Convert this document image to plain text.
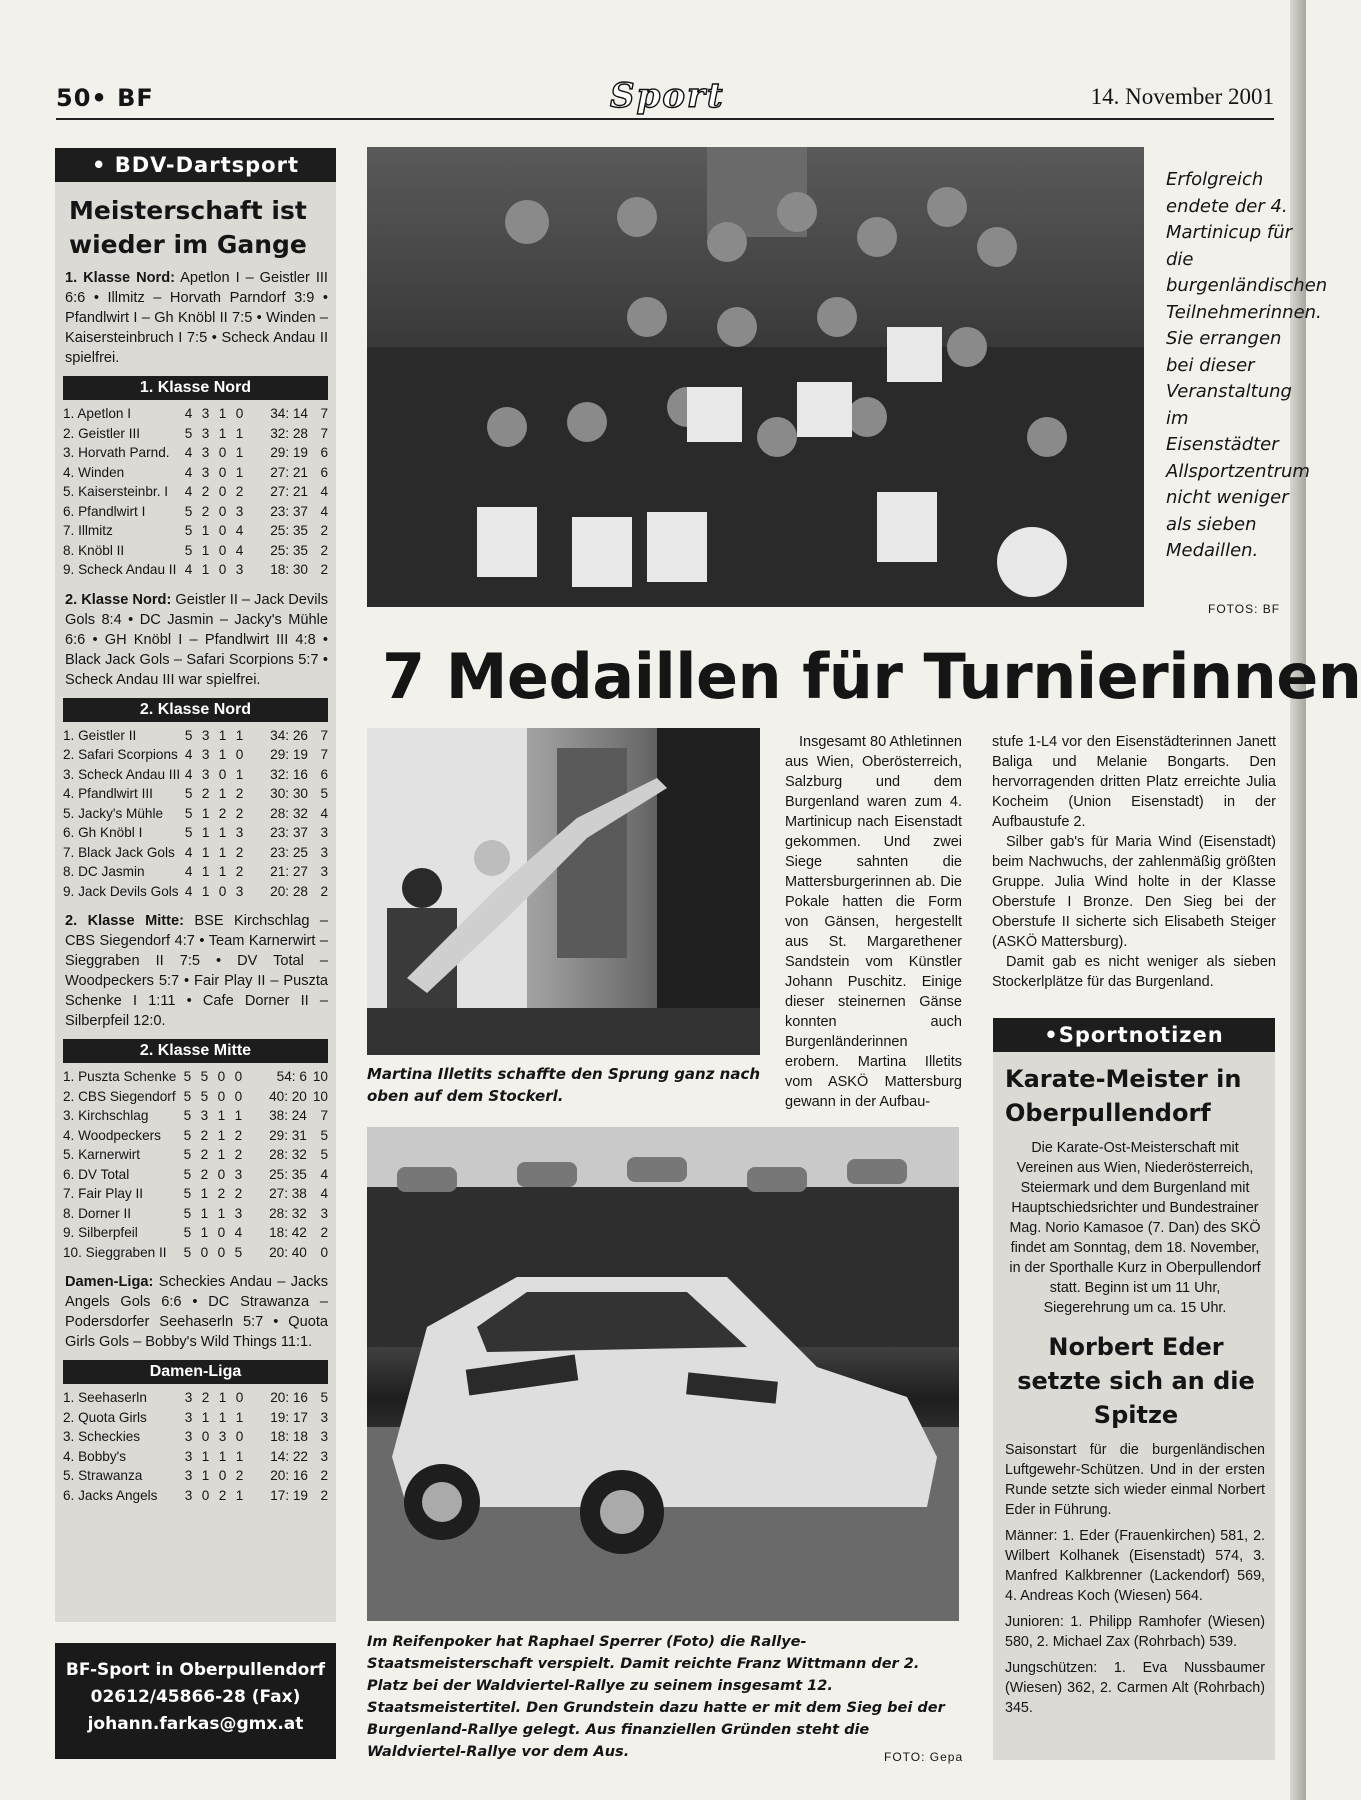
50• BF	Sport	14. November 2001
• BDV-Dartsport
Meisterschaft ist wieder im Gange

1. Klasse Nord: Apetlon I – Geistler III 6:6 • Illmitz – Horvath Parndorf 3:9 • Pfandlwirt I – Gh Knöbl II 7:5 • Winden – Kaisersteinbruch I 7:5 • Scheck Andau II spielfrei.

1. Klasse Nord
1. Apetlon I	4	3	1	0	34: 14	7
2. Geistler III	5	3	1	1	32: 28	7
3. Horvath Parnd.	4	3	0	1	29: 19	6
4. Winden	4	3	0	1	27: 21	6
5. Kaisersteinbr. I	4	2	0	2	27: 21	4
6. Pfandlwirt I	5	2	0	3	23: 37	4
7. Illmitz	5	1	0	4	25: 35	2
8. Knöbl II	5	1	0	4	25: 35	2
9. Scheck Andau II	4	1	0	3	18: 30	2

2. Klasse Nord: Geistler II – Jack Devils Gols 8:4 • DC Jasmin – Jacky's Mühle 6:6 • GH Knöbl I – Pfandlwirt III 4:8 • Black Jack Gols – Safari Scorpions 5:7 • Scheck Andau III war spielfrei.

2. Klasse Nord
1. Geistler II	5	3	1	1	34: 26	7
2. Safari Scorpions	4	3	1	0	29: 19	7
3. Scheck Andau III	4	3	0	1	32: 16	6
4. Pfandlwirt III	5	2	1	2	30: 30	5
5. Jacky's Mühle	5	1	2	2	28: 32	4
6. Gh Knöbl I	5	1	1	3	23: 37	3
7. Black Jack Gols	4	1	1	2	23: 25	3
8. DC Jasmin	4	1	1	2	21: 27	3
9. Jack Devils Gols	4	1	0	3	20: 28	2

2. Klasse Mitte: BSE Kirchschlag – CBS Siegendorf 4:7 • Team Karnerwirt – Sieggraben II 7:5 • DV Total – Woodpeckers 5:7 • Fair Play II – Puszta Schenke I 1:11 • Cafe Dorner II – Silberpfeil 12:0.

2. Klasse Mitte
1. Puszta Schenke	5	5	0	0	54: 6	10
2. CBS Siegendorf	5	5	0	0	40: 20	10
3. Kirchschlag	5	3	1	1	38: 24	7
4. Woodpeckers	5	2	1	2	29: 31	5
5. Karnerwirt	5	2	1	2	28: 32	5
6. DV Total	5	2	0	3	25: 35	4
7. Fair Play II	5	1	2	2	27: 38	4
8. Dorner II	5	1	1	3	28: 32	3
9. Silberpfeil	5	1	0	4	18: 42	2
10. Sieggraben II	5	0	0	5	20: 40	0

Damen-Liga: Scheckies Andau – Jacks Angels Gols 6:6 • DC Strawanza – Podersdorfer Seehaserln 5:7 • Quota Girls Gols – Bobby's Wild Things 11:1.

Damen-Liga
1. Seehaserln	3	2	1	0	20: 16	5
2. Quota Girls	3	1	1	1	19: 17	3
3. Scheckies	3	0	3	0	18: 18	3
4. Bobby's	3	1	1	1	14: 22	3
5. Strawanza	3	1	0	2	20: 16	2
6. Jacks Angels	3	0	2	1	17: 19	2
BF-Sport in Oberpullendorf
02612/45866-28 (Fax)
johann.farkas@gmx.at
Erfolgreich endete der 4. Martinicup für die burgenländischen Teilnehmerinnen. Sie errangen bei dieser Veranstaltung im Eisenstädter Allsportzentrum nicht weniger als sieben Medaillen.
FOTOS: BF
7 Medaillen für Turnierinnen
Martina Illetits schaffte den Sprung ganz nach oben auf dem Stockerl.

Insgesamt 80 Athletinnen aus Wien, Oberösterreich, Salzburg und dem Burgenland waren zum 4. Martinicup nach Eisenstadt gekommen. Und zwei Siege sahnten die Mattersburgerinnen ab. Die Pokale hatten die Form von Gänsen, hergestellt aus St. Margarethener Sandstein vom Künstler Johann Puschitz. Einige dieser steinernen Gänse konnten auch Burgenländerinnen erobern. Martina Illetits vom ASKÖ Mattersburg gewann in der Aufbau-

stufe 1-L4 vor den Eisenstädterinnen Janett Baliga und Melanie Bongarts. Den hervorragenden dritten Platz erreichte Julia Kocheim (Union Eisenstadt) in der Aufbaustufe 2.

Silber gab's für Maria Wind (Eisenstadt) beim Nachwuchs, der zahlenmäßig größten Gruppe. Julia Wind holte in der Klasse Oberstufe I Bronze. Den Sieg bei der Oberstufe II sicherte sich Elisabeth Steiger (ASKÖ Mattersburg).

Damit gab es nicht weniger als sieben Stockerlplätze für das Burgenland.

Im Reifenpoker hat Raphael Sperrer (Foto) die Rallye-Staatsmeisterschaft verspielt. Damit reichte Franz Wittmann der 2. Platz bei der Waldviertel-Rallye zu seinem insgesamt 12. Staatsmeistertitel. Den Grundstein dazu hatte er mit dem Sieg bei der Burgenland-Rallye gelegt. Aus finanziellen Gründen steht die Waldviertel-Rallye vor dem Aus.	FOTO: Gepa
•Sportnotizen
Karate-Meister in Oberpullendorf

Die Karate-Ost-Meisterschaft mit Vereinen aus Wien, Niederösterreich, Steiermark und dem Burgenland mit Hauptschiedsrichter und Bundestrainer Mag. Norio Kamasoe (7. Dan) des SKÖ findet am Sonntag, dem 18. November, in der Sporthalle Kurz in Oberpullendorf statt. Beginn ist um 11 Uhr, Siegerehrung um ca. 15 Uhr.

Norbert Eder setzte sich an die Spitze

Saisonstart für die burgenländischen Luftgewehr-Schützen. Und in der ersten Runde setzte sich wieder einmal Norbert Eder in Führung.

Männer: 1. Eder (Frauenkirchen) 581, 2. Wilbert Kolhanek (Eisenstadt) 574, 3. Manfred Kalkbrenner (Lackendorf) 569, 4. Andreas Koch (Wiesen) 564.

Junioren: 1. Philipp Ramhofer (Wiesen) 580, 2. Michael Zax (Rohrbach) 539.

Jungschützen: 1. Eva Nussbaumer (Wiesen) 362, 2. Carmen Alt (Rohrbach) 345.
